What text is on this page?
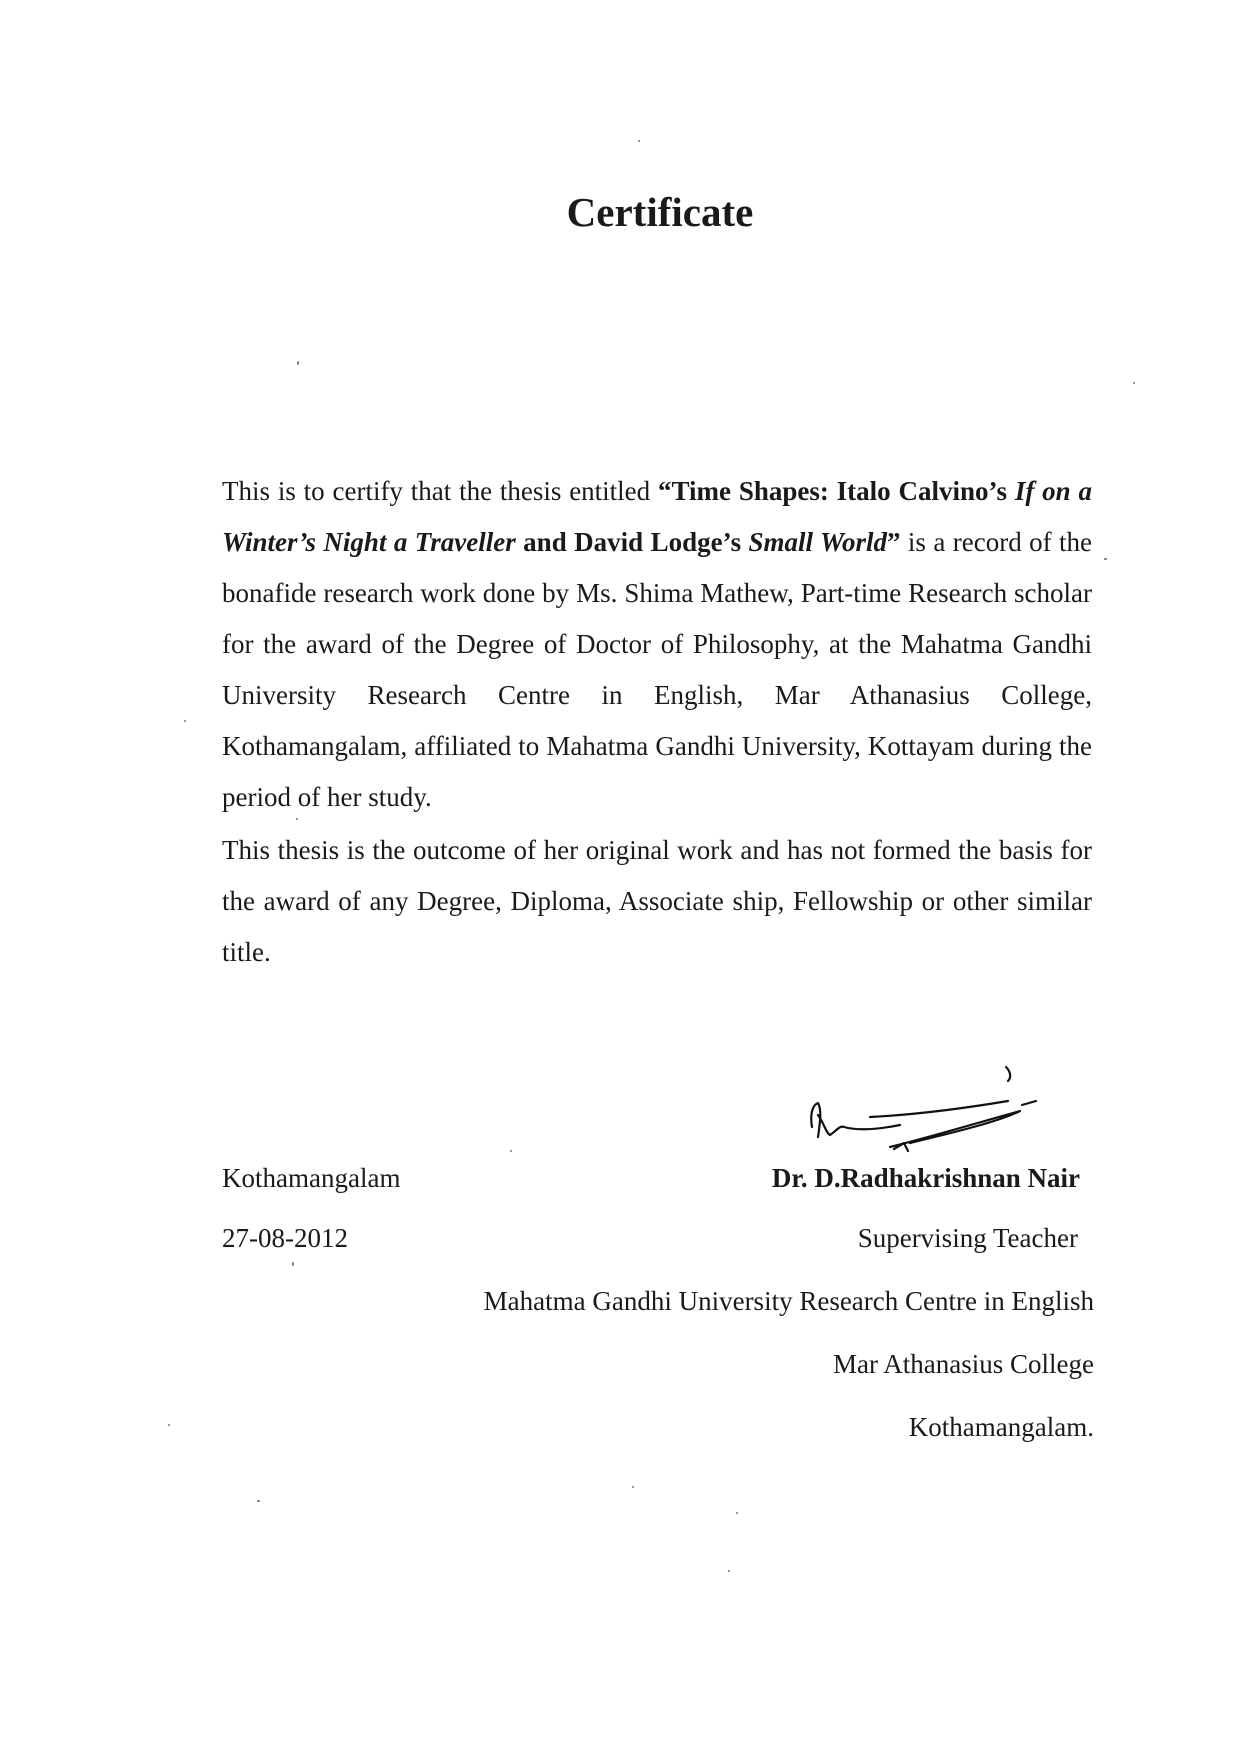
Certificate

This is to certify that the thesis entitled “Time Shapes: Italo Calvino’s If on a Winter’s Night a Traveller and David Lodge’s Small World” is a record of the bonafide research work done by Ms. Shima Mathew, Part-time Research scholar for the award of the Degree of Doctor of Philosophy, at the Mahatma Gandhi University Research Centre in English, Mar Athanasius College, Kothamangalam, affiliated to Mahatma Gandhi University, Kottayam during the period of her study.

This thesis is the outcome of her original work and has not formed the basis for the award of any Degree, Diploma, Associate ship, Fellowship or other similar title.

Kothamangalam

27-08-2012

Dr. D.Radhakrishnan Nair

Supervising Teacher

Mahatma Gandhi University Research Centre in English

Mar Athanasius College

Kothamangalam.
